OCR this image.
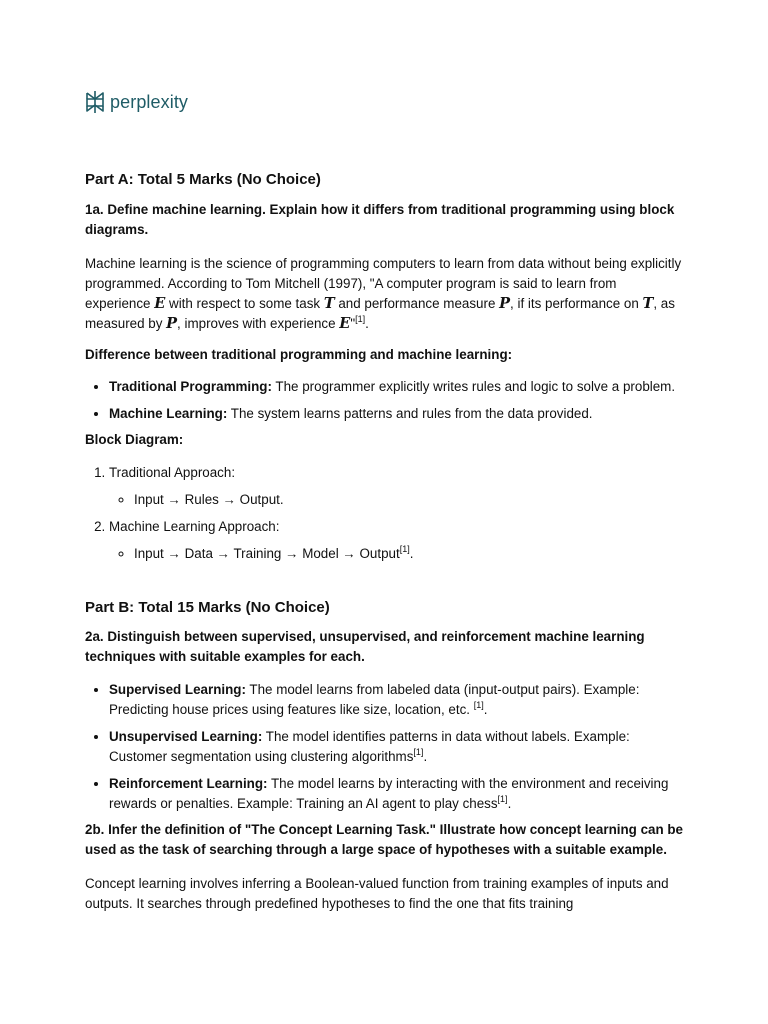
perplexity
Part A: Total 5 Marks (No Choice)

1a. Define machine learning. Explain how it differs from traditional programming using block diagrams.

Machine learning is the science of programming computers to learn from data without being explicitly programmed. According to Tom Mitchell (1997), "A computer program is said to learn from experience E with respect to some task T and performance measure P, if its performance on T, as measured by P, improves with experience E"[1].

Difference between traditional programming and machine learning:

• Traditional Programming: The programmer explicitly writes rules and logic to solve a problem.
• Machine Learning: The system learns patterns and rules from the data provided.

Block Diagram:

1. Traditional Approach:
◦ Input → Rules → Output.
2. Machine Learning Approach:
◦ Input → Data → Training → Model → Output[1].
Part B: Total 15 Marks (No Choice)

2a. Distinguish between supervised, unsupervised, and reinforcement machine learning techniques with suitable examples for each.

• Supervised Learning: The model learns from labeled data (input-output pairs). Example: Predicting house prices using features like size, location, etc. [1].
• Unsupervised Learning: The model identifies patterns in data without labels. Example: Customer segmentation using clustering algorithms[1].
• Reinforcement Learning: The model learns by interacting with the environment and receiving rewards or penalties. Example: Training an AI agent to play chess[1].

2b. Infer the definition of "The Concept Learning Task." Illustrate how concept learning can be used as the task of searching through a large space of hypotheses with a suitable example.

Concept learning involves inferring a Boolean-valued function from training examples of inputs and outputs. It searches through predefined hypotheses to find the one that fits training
